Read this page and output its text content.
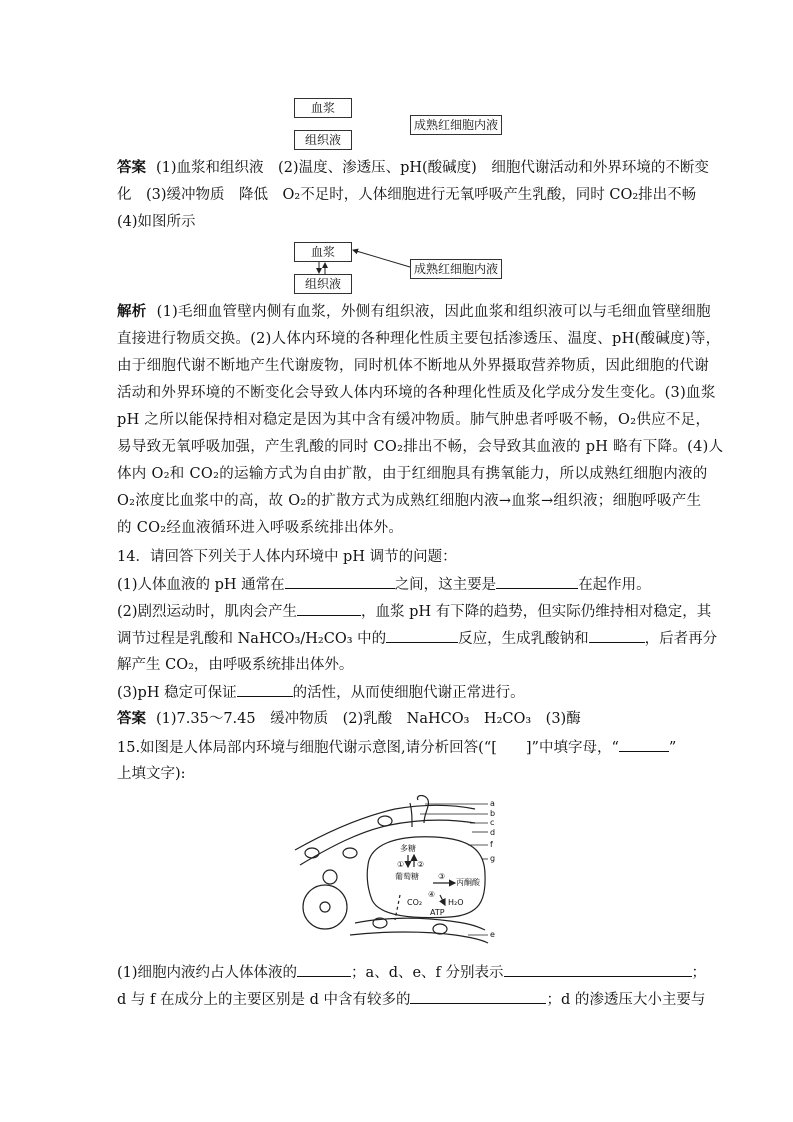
血浆
组织液
成熟红细胞内液
答案 (1)血浆和组织液　(2)温度、渗透压、pH(酸碱度)　细胞代谢活动和外界环境的不断变
化　(3)缓冲物质　降低　O₂不足时，人体细胞进行无氧呼吸产生乳酸，同时 CO₂排出不畅
(4)如图所示
血浆
组织液
成熟红细胞内液
解析 (1)毛细血管壁内侧有血浆，外侧有组织液，因此血浆和组织液可以与毛细血管壁细胞
直接进行物质交换。(2)人体内环境的各种理化性质主要包括渗透压、温度、pH(酸碱度)等，
由于细胞代谢不断地产生代谢废物，同时机体不断地从外界摄取营养物质，因此细胞的代谢
活动和外界环境的不断变化会导致人体内环境的各种理化性质及化学成分发生变化。(3)血浆
pH 之所以能保持相对稳定是因为其中含有缓冲物质。肺气肿患者呼吸不畅，O₂供应不足，
易导致无氧呼吸加强，产生乳酸的同时 CO₂排出不畅，会导致其血液的 pH 略有下降。(4)人
体内 O₂和 CO₂的运输方式为自由扩散，由于红细胞具有携氧能力，所以成熟红细胞内液的
O₂浓度比血浆中的高，故 O₂的扩散方式为成熟红细胞内液→血浆→组织液；细胞呼吸产生
的 CO₂经血液循环进入呼吸系统排出体外。
14．请回答下列关于人体内环境中 pH 调节的问题：
(1)人体血液的 pH 通常在	之间，这主要是	在起作用。
(2)剧烈运动时，肌肉会产生	，血浆 pH 有下降的趋势，但实际仍维持相对稳定，其
调节过程是乳酸和 NaHCO₃/H₂CO₃ 中的	反应，生成乳酸钠和	，后者再分
解产生 CO₂，由呼吸系统排出体外。
(3)pH 稳定可保证	的活性，从而使细胞代谢正常进行。
答案 (1)7.35～7.45　缓冲物质　(2)乳酸　NaHCO₃　H₂CO₃　(3)酶
15.如图是人体局部内环境与细胞代谢示意图,请分析回答(“[　　]”中填字母，“	”
上填文字):
a
b
c
d
f
g
e
多糖
① ②
葡萄糖 ③
丙酮酸
④
CO₂	H₂O
ATP
(1)细胞内液约占人体体液的	；a、d、e、f 分别表示	；
d 与 f 在成分上的主要区别是 d 中含有较多的	；d 的渗透压大小主要与
